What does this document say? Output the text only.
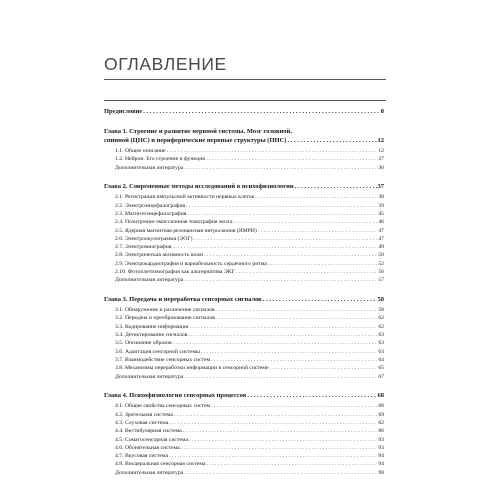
ОГЛАВЛЕНИЕ
Предисловие . . .	8
Глава 1. Строение и развитие нервной системы. Мозг головной,
спинной (ЦНС) и периферические нервные структуры (ПНС) . . .	12
1.1. Общее описание . . .	12
1.2. Нейрон. Его строение и функции . . .	27
Дополнительная литература . . .	36
Глава 2. Современные методы исследований в психофизиологии . . .	37
2.1. Регистрация импульсной активности нервных клеток . . .	38
2.2. Электроэнцефалография . . .	39
2.3. Магнитоэнцефалография . . .	45
2.4. Позитронно-эмиссионная томография мозга . . .	46
2.5. Ядерная магнитная резонансная интроскопия (ЯМРИ) . . .	47
2.6. Электроокулограмма (ЭОГ) . . .	47
2.7. Электромиография . . .	49
2.8. Электрическая активность кожи . . .	50
2.9. Электрокардиография и вариабельность сердечного ритма . . .	52
2.10. Фотоплетизмография как альтернатива ЭКГ . . .	56
Дополнительная литература . . .	57
Глава 3. Передача и переработка сенсорных сигналов . . .	58
3.1. Обнаружение и различение сигналов . . .	58
3.2. Передача и преобразование сигналов . . .	62
3.3. Кодирование информации . . .	62
3.4. Детектирование сигналов . . .	63
3.5. Опознание образов . . .	63
3.6. Адаптация сенсорной системы . . .	63
3.7. Взаимодействие сенсорных систем . . .	64
3.8. Механизмы переработки информации в сенсорной системе . . .	65
Дополнительная литература . . .	67
Глава 4. Психофизиология сенсорных процессов . . .	68
4.1. Общие свойства сенсорных систем . . .	68
4.2. Зрительная система . . .	69
4.3. Слуховая система . . .	82
4.4. Вестибулярная система . . .	86
4.5. Соматосенсорная система . . .	93
4.6. Обонятельная система . . .	93
4.7. Вкусовая система . . .	94
4.8. Висцеральная сенсорная система . . .	94
Дополнительная литература . . .	98
